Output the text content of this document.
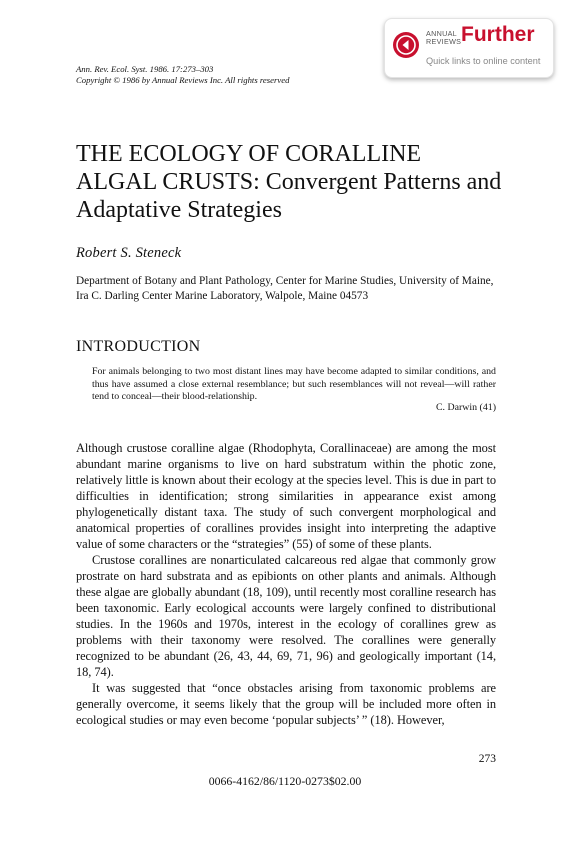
ANNUAL
REVIEWS Further
Quick links to online content
Ann. Rev. Ecol. Syst. 1986. 17:273–303
Copyright © 1986 by Annual Reviews Inc. All rights reserved
THE ECOLOGY OF CORALLINE ALGAL CRUSTS: Convergent Patterns and Adaptative Strategies
Robert S. Steneck
Department of Botany and Plant Pathology, Center for Marine Studies, University of Maine, Ira C. Darling Center Marine Laboratory, Walpole, Maine 04573
INTRODUCTION
For animals belonging to two most distant lines may have become adapted to similar conditions, and thus have assumed a close external resemblance; but such resemblances will not reveal—will rather tend to conceal—their blood-relationship.
C. Darwin (41)

Although crustose coralline algae (Rhodophyta, Corallinaceae) are among the most abundant marine organisms to live on hard substratum within the photic zone, relatively little is known about their ecology at the species level. This is due in part to difficulties in identification; strong similarities in appearance exist among phylogenetically distant taxa. The study of such convergent morphological and anatomical properties of corallines provides insight into interpreting the adaptive value of some characters or the “strategies” (55) of some of these plants.

Crustose corallines are nonarticulated calcareous red algae that commonly grow prostrate on hard substrata and as epibionts on other plants and animals. Although these algae are globally abundant (18, 109), until recently most coralline research has been taxonomic. Early ecological accounts were largely confined to distributional studies. In the 1960s and 1970s, interest in the ecology of corallines grew as problems with their taxonomy were resolved. The corallines were generally recognized to be abundant (26, 43, 44, 69, 71, 96) and geologically important (14, 18, 74).

It was suggested that “once obstacles arising from taxonomic problems are generally overcome, it seems likely that the group will be included more often in ecological studies or may even become ‘popular subjects’ ” (18). However,

273
0066-4162/86/1120-0273$02.00
